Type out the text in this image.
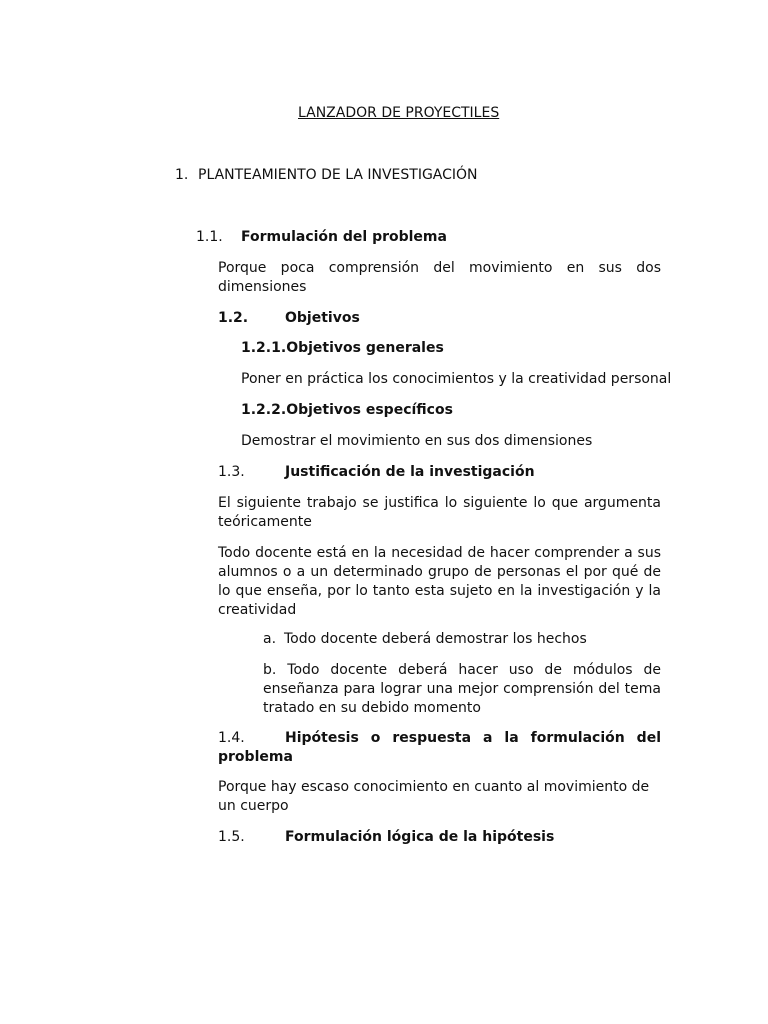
LANZADOR DE PROYECTILES
1. PLANTEAMIENTO DE LA INVESTIGACIÓN
1.1. Formulación del problema
Porque poca comprensión del movimiento en sus dos dimensiones
1.2.	Objetivos
1.2.1.Objetivos generales
Poner en práctica los conocimientos y la creatividad personal
1.2.2.Objetivos específicos
Demostrar el movimiento en sus dos dimensiones
1.3.	Justificación de la investigación
El siguiente trabajo se justifica lo siguiente lo que argumenta teóricamente
Todo docente está en la necesidad de hacer comprender a sus alumnos o a un determinado grupo de personas el por qué de lo que enseña, por lo tanto esta sujeto en la investigación y la creatividad
a. Todo docente deberá demostrar los hechos
b. Todo docente deberá hacer uso de módulos de enseñanza para lograr una mejor comprensión del tema tratado en su debido momento
1.4.	Hipótesis o respuesta a la formulación del problema
Porque hay escaso conocimiento en cuanto al movimiento de un cuerpo
1.5.	Formulación lógica de la hipótesis
